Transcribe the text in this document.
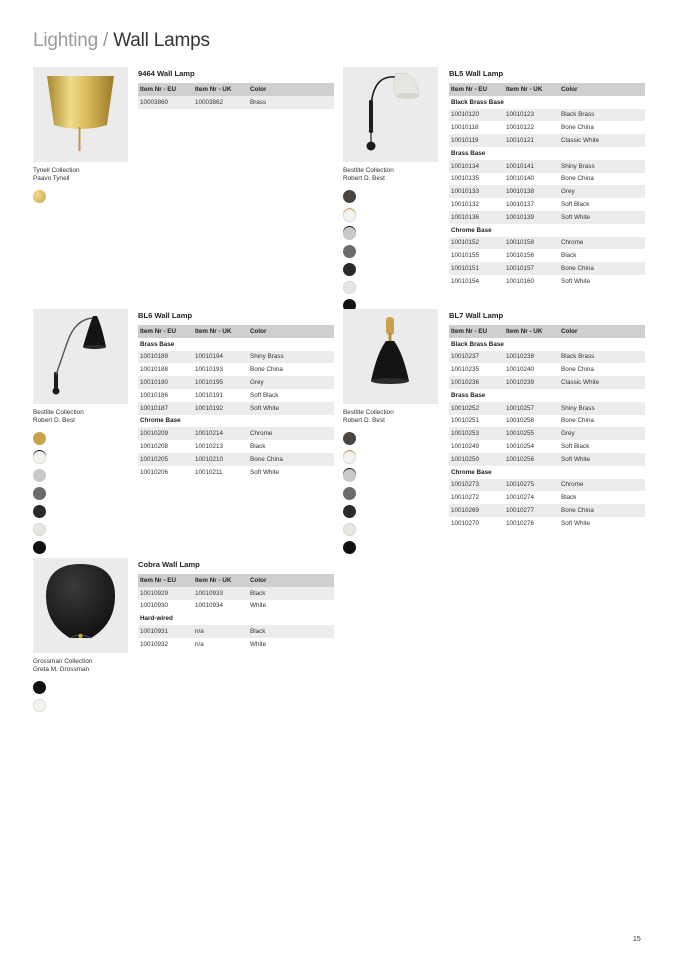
Lighting / Wall Lamps
Tynell Collection
Paavo Tynell
9464 Wall Lamp
Item Nr - EU	Item Nr - UK	Color
10003860	10003862	Brass
Bestlite Collection
Robert D. Best
BL5 Wall Lamp
Item Nr - EU	Item Nr - UK	Color
Black Brass Base		
10010120	10010123	Black Brass
10010118	10010122	Bone China
10010119	10010121	Classic White
Brass Base		
10010134	10010141	Shiny Brass
10010135	10010140	Bone China
10010133	10010138	Grey
10010132	10010137	Soft Black
10010136	10010139	Soft White
Chrome Base		
10010152	10010158	Chrome
10010155	10010156	Black
10010151	10010157	Bone China
10010154	10010160	Soft White
Bestlite Collection
Robert D. Best
BL6 Wall Lamp
Item Nr - EU	Item Nr - UK	Color
Brass Base		
10010189	10010194	Shiny Brass
10010188	10010193	Bone China
10010190	10010195	Grey
10010186	10010191	Soft Black
10010187	10010192	Soft White
Chrome Base		
10010209	10010214	Chrome
10010208	10010213	Black
10010205	10010210	Bone China
10010206	10010211	Soft White
Bestlite Collection
Robert D. Best
BL7 Wall Lamp
Item Nr - EU	Item Nr - UK	Color
Black Brass Base		
10010237	10010238	Black Brass
10010235	10010240	Bone China
10010236	10010239	Classic White
Brass Base		
10010252	10010257	Shiny Brass
10010251	10010258	Bone China
10010253	10010255	Grey
10010249	10010254	Soft Black
10010250	10010256	Soft White
Chrome Base		
10010273	10010275	Chrome
10010272	10010274	Black
10010269	10010277	Bone China
10010270	10010276	Soft White
Grossman Collection
Greta M. Grossman
Cobra Wall Lamp
Item Nr - EU	Item Nr - UK	Color
10010929	10010933	Black
10010930	10010934	White
Hard-wired		
10010931	n/a	Black
10010932	n/a	White
15
